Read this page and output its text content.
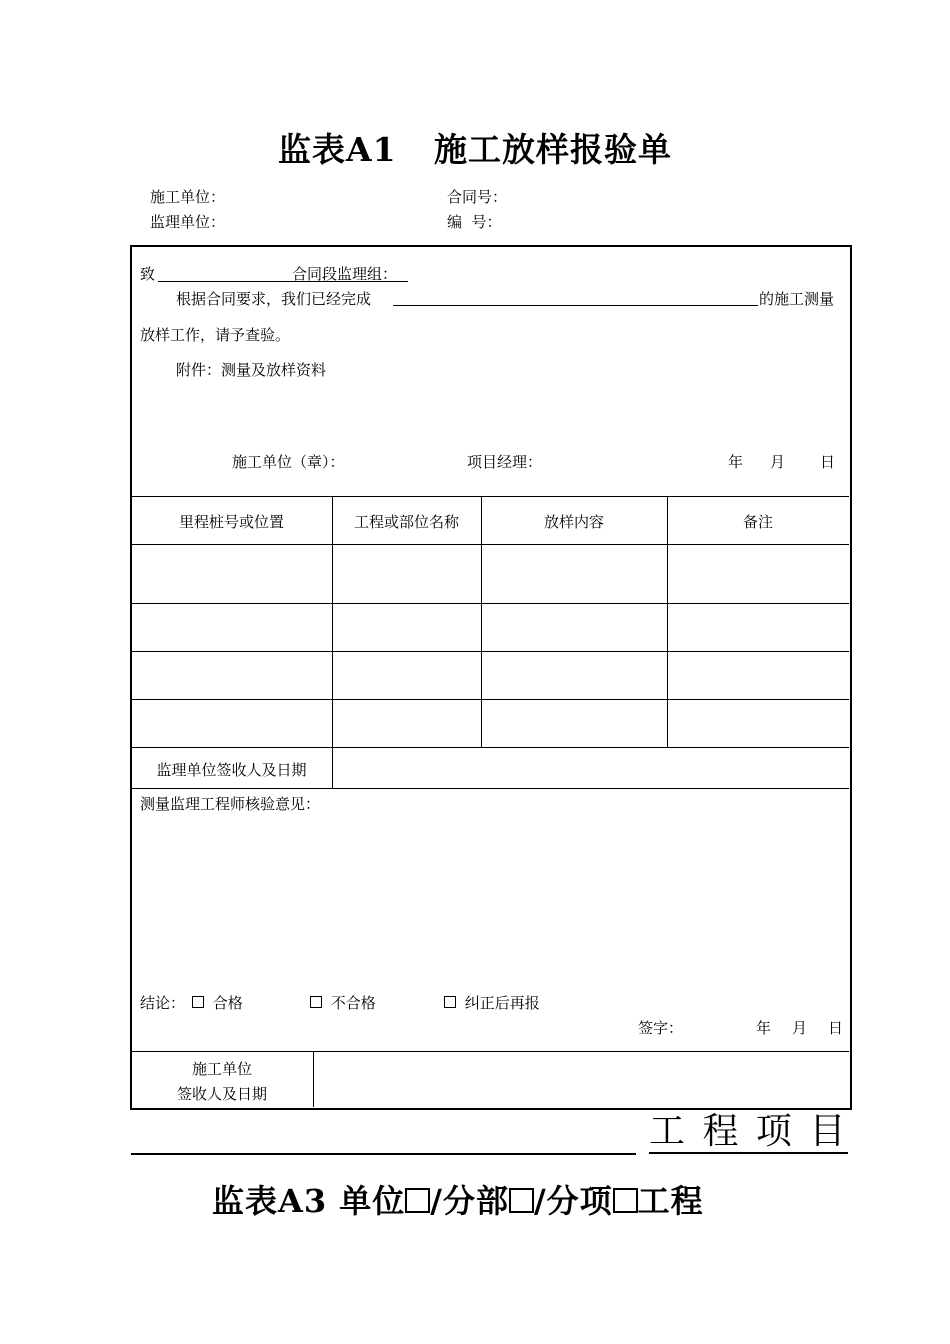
监表A1 施工放样报验单
施工单位：	合同号：
监理单位：	编  号：
致	合同段监理组：
根据合同要求，我们已经完成	的施工测量
放样工作，请予查验。
附件：测量及放样资料
施工单位（章）：	项目经理：	年 月 日
里程桩号或位置	工程或部位名称	放样内容	备注
监理单位签收人及日期
测量监理工程师核验意见：
结论：	合格	不合格	纠正后再报
签字：	年 月 日
施工单位
签收人及日期
工 程 项 目
监表A3 单位 /分部 /分项 工程
